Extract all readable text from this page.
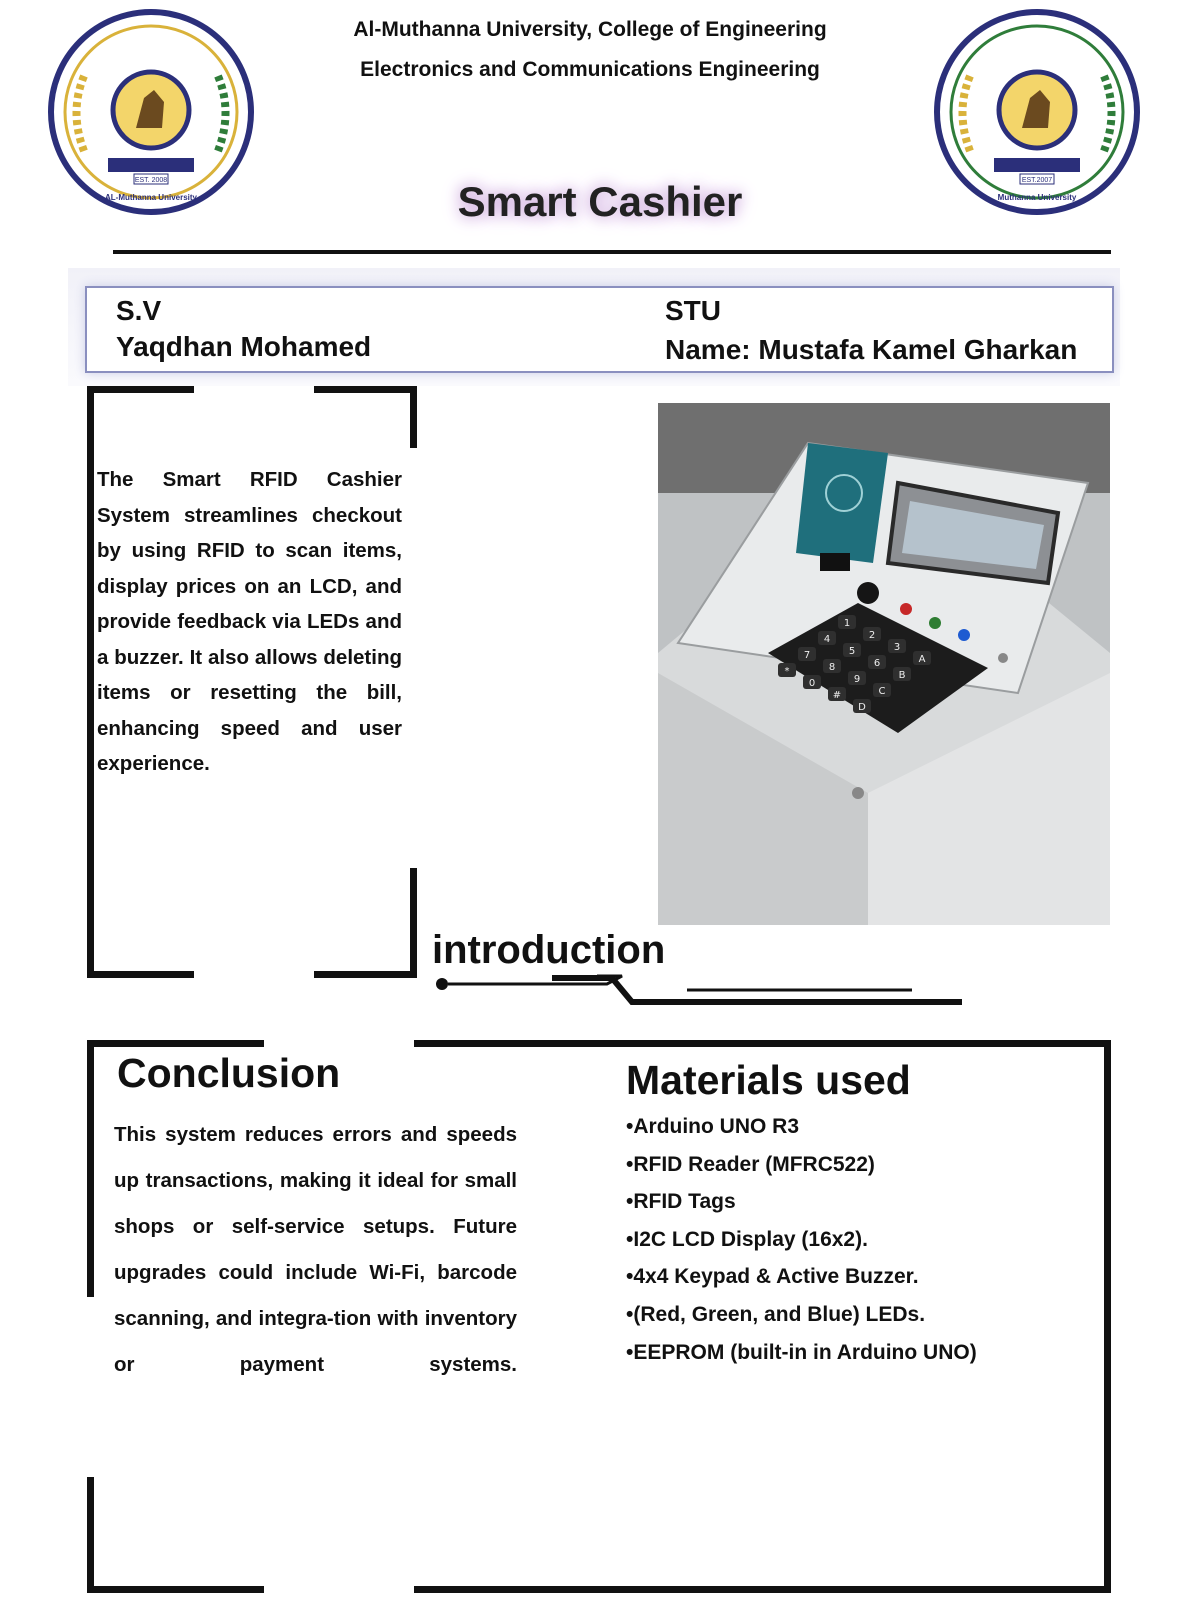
EST. 2008
AL-Muthanna University
EST.2007
Muthanna University
Al-Muthanna University, College of Engineering
Electronics and Communications Engineering
Smart Cashier
S.V
Yaqdhan Mohamed
STU
Name: Mustafa Kamel Gharkan
The Smart RFID Cashier System streamlines checkout by using RFID to scan items, display prices on an LCD, and provide feedback via LEDs and a buzzer. It also allows deleting items or resetting the bill, enhancing speed and user experience.
1
2
3
A
4
5
6
B
7
8
9
C
*
0
#
D
introduction
Conclusion
This system reduces errors and speeds up transactions, making it ideal for small shops or self-service setups. Future upgrades could include Wi-Fi, barcode scanning, and integra-tion with inventory or payment systems.
Materials used
• Arduino UNO R3
• RFID Reader (MFRC522)
• RFID Tags
• I2C LCD Display (16x2).
• 4x4 Keypad & Active Buzzer.
• (Red, Green, and Blue) LEDs.
• EEPROM (built-in in Arduino UNO)
